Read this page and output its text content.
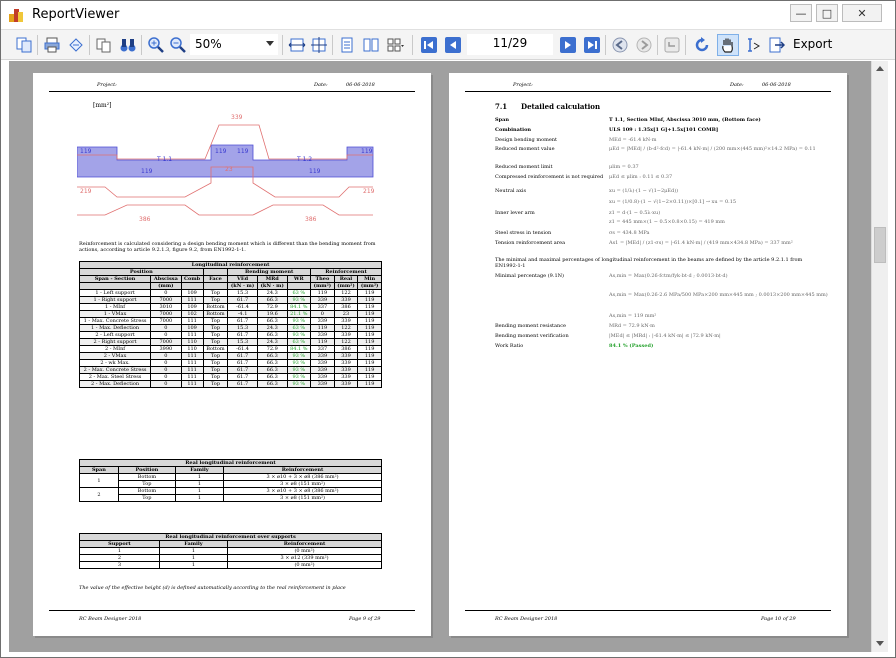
ReportViewer	— □ ✕
50%	11/29	Export
Project:	Date:	06-06-2018
[mm²]
119
119
339
119
23	119
119
219
386	386
219
T 1.1	T 1.2
119
Reinforcement is calculated considering a design bending moment which is different than the bending moment from actions, according to article 9.2.1.3, figure 9.2, from EN1992-1-1.
Longitudinal reinforcement									
Position				Bending moment			Reinforcement		
Span - Section	Abscissa	Comb	Face	VEd	MRd	WR	Theo	Real	Min
	(mm)			(kN · m)	(kN · m)		(mm²)	(mm²)	(mm²)
1 - Left support	0	109	Top	15.3	24.3	63 %	119	122	119
1 - Right support	7000	111	Top	61.7	66.3	93 %	339	339	119
1 - MInf	3010	109	Bottom	-61.4	72.9	84.1 %	337	386	119
1 - VMax	7000	102	Bottom	-4.1	19.6	21.1 %	0	23	119
1 - Max. Concrete Stress	7000	111	Top	61.7	66.3	93 %	339	339	119
1 - Max. Deflection	0	109	Top	15.3	24.3	63 %	119	122	119
2 - Left support	0	111	Top	61.7	66.3	93 %	339	339	119
2 - Right support	7000	110	Top	15.3	24.3	63 %	119	122	119
2 - MInf	3990	110	Bottom	-61.4	72.9	84.1 %	337	386	119
2 - VMax	0	111	Top	61.7	66.3	93 %	339	339	119
2 - wk Max.	0	111	Top	61.7	66.3	93 %	339	339	119
2 - Max. Concrete Stress	0	111	Top	61.7	66.3	93 %	339	339	119
2 - Max. Steel Stress	0	111	Top	61.7	66.3	93 %	339	339	119
2 - Max. Deflection	0	111	Top	61.7	66.3	93 %	339	339	119
Real longitudinal reinforcement			
Span	Position	Family	Reinforcement
1	Bottom	1	3 × ø10 + 3 × ø8 (386 mm²)
	Top	1	3 × ø8 (151 mm²)
2	Bottom	1	3 × ø10 + 3 × ø8 (386 mm²)
	Top	1	3 × ø8 (151 mm²)
Real longitudinal reinforcement over supports		
Support	Family	Reinforcement
1	1	(0 mm²)
2	1	3 × ø12 (339 mm²)
3	1	(0 mm²)
The value of the effective height (d) is defined automatically according to the real reinforcement in place
RC Beam Designer 2018	Page 9 of 29
Project:	Date:	06-06-2018
7.1 Detailed calculation
Span	T 1.1, Section MInf, Abscissa 3010 mm, (Bottom face)
Combination	ULS 109 : 1.35x[1 G]+1.5x[101 COMB]
Design bending moment	MEd = -61.4 kN·m
Reduced moment value	μEd = |MEd| / (b·d²·fcd) = |-61.4 kN·m| / (200 mm×(445 mm)²×14.2 MPa) = 0.11
Reduced moment limit	μlim = 0.37
Compressed reinforcement is not required	μEd ≤ μlim : 0.11 ≤ 0.37
Neutral axis	xu = (1/λ)·(1 − √(1−2μEd))
xu = (1/0.8)·(1 − √(1−2×0.11))×[0.1] → xu = 0.15
Inner lever arm	z1 = d·(1 − 0.5λ·xu)
z1 = 445 mm×(1 − 0.5×0.8×0.15) = 419 mm
Steel stress in tension	σs = 434.8 MPa
Tension reinforcement area	As1 = |MEd| / (z1·σs) = |-61.4 kN·m| / (419 mm×434.8 MPa) = 337 mm²
The minimal and maximal percentages of longitudinal reinforcement in the beams are defined by the article 9.2.1.1 from EN1992-1-1
Minimal percentage (9.1N)	As,min = Max(0.26·fctm/fyk·bt·d ; 0.0013·bt·d)
As,min = Max(0.26·2.6 MPa/500 MPa×200 mm×445 mm ; 0.0013×200 mm×445 mm)
As,min = 119 mm²
Bending moment resistance	MRd = 72.9 kN·m
Bending moment verification	|MEd| ≤ |MRd| : |-61.4 kN·m| ≤ |72.9 kN·m|
Work Ratio	84.1 % (Passed)
RC Beam Designer 2018	Page 10 of 29
